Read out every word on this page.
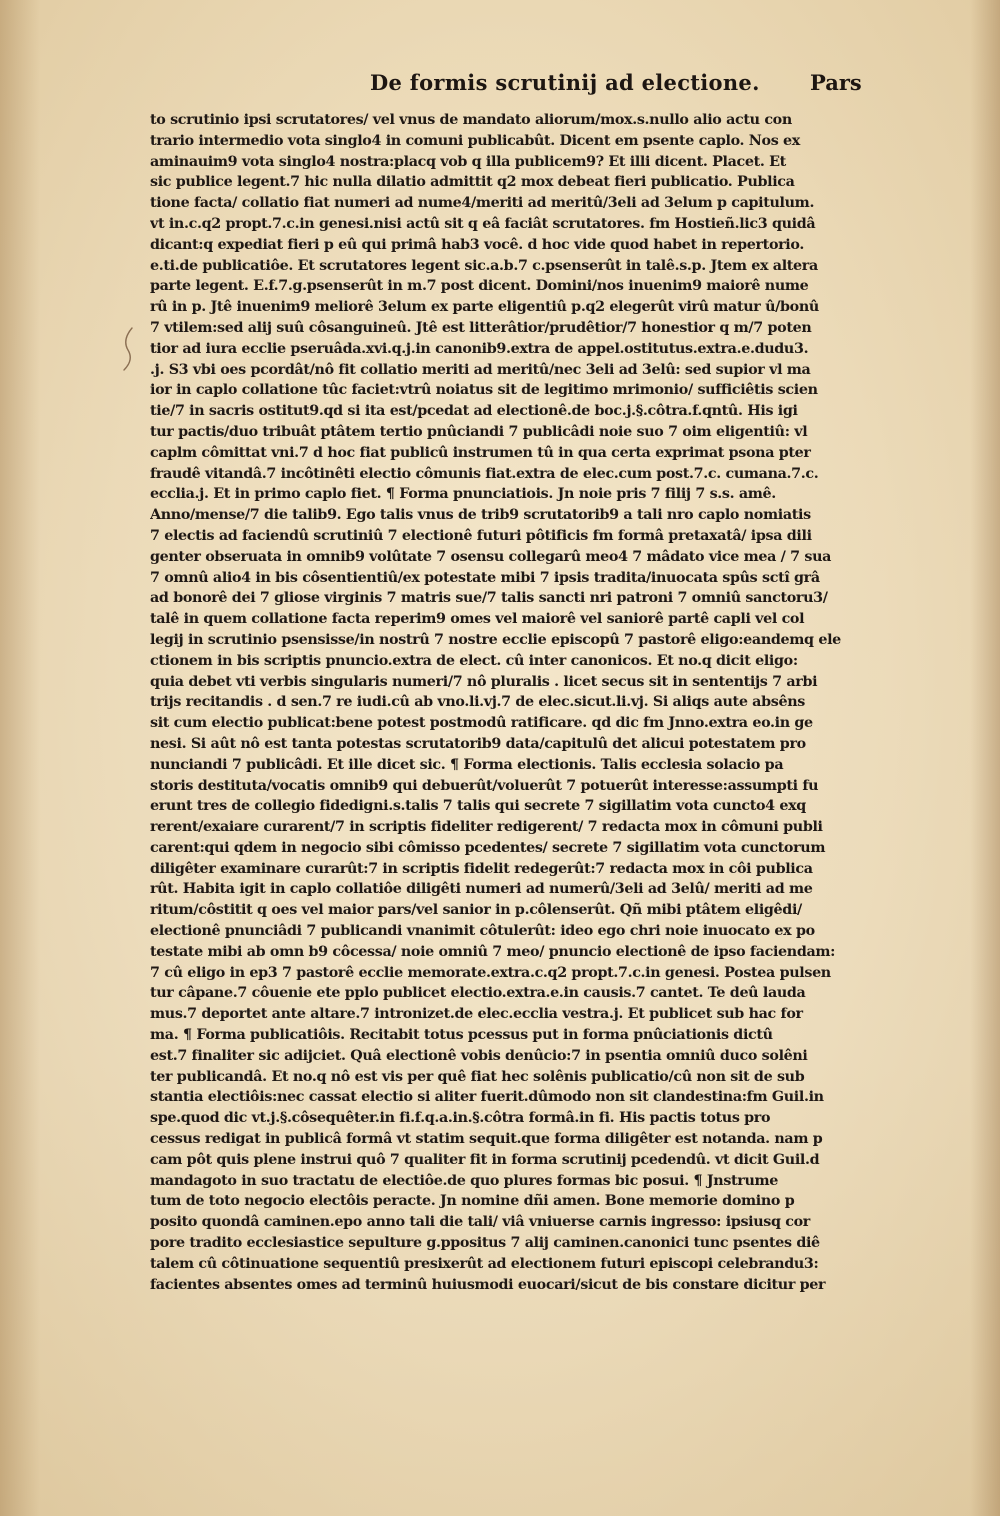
De formis scrutinij ad electione.	Pars
to scrutinio ipsi scrutatores/ vel vnus de mandato aliorum/mox.s.nullo alio actu con
trario intermedio vota singlo4 in comuni publicabût. Dicent em psente caplo. Nos ex
aminauim9 vota singlo4 nostra:placq vob q illa publicem9? Et illi dicent. Placet. Et
sic publice legent.7 hic nulla dilatio admittit q2 mox debeat fieri publicatio. Publica
tione facta/ collatio fiat numeri ad nume4/meriti ad meritû/3eli ad 3elum p capitulum.
vt in.c.q2 propt.7.c.in genesi.nisi actû sit q eâ faciât scrutatores. fm Hostieñ.lic3 quidâ
dicant:q expediat fieri p eû qui primâ hab3 você. d hoc vide quod habet in repertorio.
e.ti.de publicatiôe. Et scrutatores legent sic.a.b.7 c.psenserût in talê.s.p. Jtem ex altera
parte legent. E.f.7.g.psenserût in m.7 post dicent. Domini/nos inuenim9 maiorê nume
rû in p. Jtê inuenim9 meliorê 3elum ex parte eligentiû p.q2 elegerût virû matur û/bonû
7 vtilem:sed alij suû côsanguineû. Jtê est litterâtior/prudêtior/7 honestior q m/7 poten
tior ad iura ecclie pseruâda.xvi.q.j.in canonib9.extra de appel.ostitutus.extra.e.dudu3.
.j. S3 vbi oes pcordât/nô fit collatio meriti ad meritû/nec 3eli ad 3elû: sed supior vl ma
ior in caplo collatione tûc faciet:vtrû noiatus sit de legitimo mrimonio/ sufficiêtis scien
tie/7 in sacris ostitut9.qd si ita est/pcedat ad electionê.de boc.j.§.côtra.f.qntû. His igi
tur pactis/duo tribuât ptâtem tertio pnûciandi 7 publicâdi noie suo 7 oim eligentiû: vl
caplm cômittat vni.7 d hoc fiat publicû instrumen tû in qua certa exprimat psona pter
fraudê vitandâ.7 incôtinêti electio cômunis fiat.extra de elec.cum post.7.c. cumana.7.c.
ecclia.j. Et in primo caplo fiet. ¶ Forma pnunciatiois. Jn noie pris 7 filij 7 s.s. amê.
Anno/mense/7 die talib9. Ego talis vnus de trib9 scrutatorib9 a tali nro caplo nomiatis
7 electis ad faciendû scrutiniû 7 electionê futuri pôtificis fm formâ pretaxatâ/ ipsa dili
genter obseruata in omnib9 volûtate 7 osensu collegarû meo4 7 mâdato vice mea / 7 sua
7 omnû alio4 in bis côsentientiû/ex potestate mibi 7 ipsis tradita/inuocata spûs sctî grâ
ad bonorê dei 7 gliose virginis 7 matris sue/7 talis sancti nri patroni 7 omniû sanctoru3/
talê in quem collatione facta reperim9 omes vel maiorê vel saniorê partê capli vel col
legij in scrutinio psensisse/in nostrû 7 nostre ecclie episcopû 7 pastorê eligo:eandemq ele
ctionem in bis scriptis pnuncio.extra de elect. cû inter canonicos. Et no.q dicit eligo:
quia debet vti verbis singularis numeri/7 nô pluralis . licet secus sit in sententijs 7 arbi
trijs recitandis . d sen.7 re iudi.cû ab vno.li.vj.7 de elec.sicut.li.vj. Si aliqs aute absêns
sit cum electio publicat:bene potest postmodû ratificare. qd dic fm Jnno.extra eo.in ge
nesi. Si aût nô est tanta potestas scrutatorib9 data/capitulû det alicui potestatem pro
nunciandi 7 publicâdi. Et ille dicet sic. ¶ Forma electionis. Talis ecclesia solacio pa
storis destituta/vocatis omnib9 qui debuerût/voluerût 7 potuerût interesse:assumpti fu
erunt tres de collegio fidedigni.s.talis 7 talis qui secrete 7 sigillatim vota cuncto4 exq
rerent/exaiare curarent/7 in scriptis fideliter redigerent/ 7 redacta mox in cômuni publi
carent:qui qdem in negocio sibi cômisso pcedentes/ secrete 7 sigillatim vota cunctorum
diligêter examinare curarût:7 in scriptis fidelit redegerût:7 redacta mox in côi publica
rût. Habita igit in caplo collatiôe diligêti numeri ad numerû/3eli ad 3elû/ meriti ad me
ritum/côstitit q oes vel maior pars/vel sanior in p.côlenserût. Qñ mibi ptâtem eligêdi/
electionê pnunciâdi 7 publicandi vnanimit côtulerût: ideo ego chri noie inuocato ex po
testate mibi ab omn b9 côcessa/ noie omniû 7 meo/ pnuncio electionê de ipso faciendam:
7 cû eligo in ep3 7 pastorê ecclie memorate.extra.c.q2 propt.7.c.in genesi. Postea pulsen
tur câpane.7 côuenie ete pplo publicet electio.extra.e.in causis.7 cantet. Te deû lauda
mus.7 deportet ante altare.7 intronizet.de elec.ecclia vestra.j. Et publicet sub hac for
ma. ¶ Forma publicatiôis. Recitabit totus pcessus put in forma pnûciationis dictû
est.7 finaliter sic adijciet. Quâ electionê vobis denûcio:7 in psentia omniû duco solêni
ter publicandâ. Et no.q nô est vis per quê fiat hec solênis publicatio/cû non sit de sub
stantia electiôis:nec cassat electio si aliter fuerit.dûmodo non sit clandestina:fm Guil.in
spe.quod dic vt.j.§.côsequêter.in fi.f.q.a.in.§.côtra formâ.in fi. His pactis totus pro
cessus redigat in publicâ formâ vt statim sequit.que forma diligêter est notanda. nam p
cam pôt quis plene instrui quô 7 qualiter fit in forma scrutinij pcedendû. vt dicit Guil.d
mandagoto in suo tractatu de electiôe.de quo plures formas bic posui. ¶ Jnstrume
tum de toto negocio electôis peracte. Jn nomine dñi amen. Bone memorie domino p
posito quondâ caminen.epo anno tali die tali/ viâ vniuerse carnis ingresso: ipsiusq cor
pore tradito ecclesiastice sepulture g.ppositus 7 alij caminen.canonici tunc psentes diê
talem cû côtinuatione sequentiû presixerût ad electionem futuri episcopi celebrandu3:
facientes absentes omes ad terminû huiusmodi euocari/sicut de bis constare dicitur per
